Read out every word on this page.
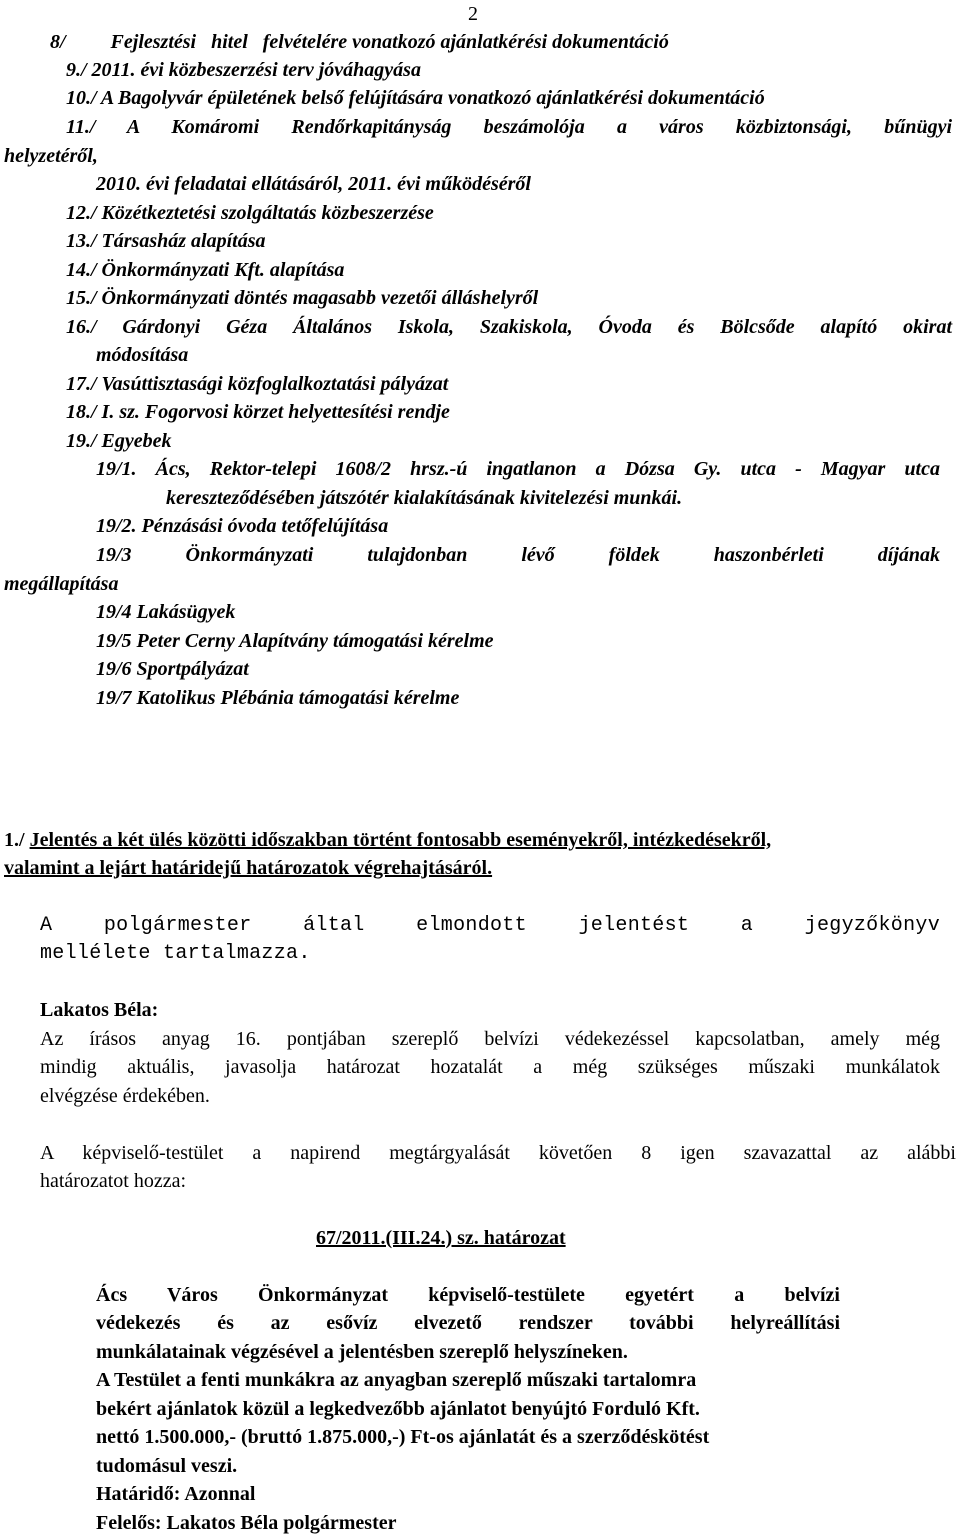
2
8/         Fejlesztési   hitel   felvételére vonatkozó ajánlatkérési dokumentáció
9./ 2011. évi közbeszerzési terv jóváhagyása
10./ A Bagolyvár épületének belső felújítására vonatkozó ajánlatkérési dokumentáció
11./ A Komáromi Rendőrkapitányság beszámolója a város közbiztonsági, bűnügyi
helyzetéről,
2010. évi feladatai ellátásáról, 2011. évi működéséről
12./ Közétkeztetési szolgáltatás közbeszerzése
13./ Társasház alapítása
14./ Önkormányzati Kft. alapítása
15./ Önkormányzati döntés magasabb vezetői álláshelyről
16./ Gárdonyi Géza Általános Iskola, Szakiskola, Óvoda és Bölcsőde alapító okirat
módosítása
17./ Vasúttisztasági közfoglalkoztatási pályázat
18./ I. sz. Fogorvosi körzet helyettesítési rendje
19./ Egyebek
19/1. Ács, Rektor-telepi 1608/2 hrsz.-ú ingatlanon a Dózsa Gy. utca - Magyar utca
kereszteződésében játszótér kialakításának kivitelezési munkái.
19/2. Pénzásási óvoda tetőfelújítása
19/3 Önkormányzati tulajdonban lévő földek haszonbérleti díjának
megállapítása
19/4 Lakásügyek
19/5 Peter Cerny Alapítvány támogatási kérelme
19/6 Sportpályázat
19/7 Katolikus Plébánia támogatási kérelme
1./ Jelentés a két ülés közötti időszakban történt fontosabb eseményekről, intézkedésekről,
valamint a lejárt határidejű határozatok végrehajtásáról.
A polgármester által elmondott jelentést a jegyzőkönyv
mellélete tartalmazza.
Lakatos Béla:
Az írásos anyag 16. pontjában szereplő belvízi védekezéssel kapcsolatban, amely még
mindig aktuális, javasolja határozat hozatalát a még szükséges műszaki munkálatok
elvégzése érdekében.
A képviselő-testület a napirend megtárgyalását követően 8 igen szavazattal az alábbi
határozatot hozza:
67/2011.(III.24.) sz. határozat
Ács Város Önkormányzat képviselő-testülete egyetért a belvízi
védekezés és az esővíz elvezető rendszer további helyreállítási
munkálatainak végzésével a jelentésben szereplő helyszíneken.
A Testület a fenti munkákra az anyagban szereplő műszaki tartalomra
bekért ajánlatok közül a legkedvezőbb ajánlatot benyújtó Forduló Kft.
nettó 1.500.000,- (bruttó 1.875.000,-) Ft-os ajánlatát és a szerződéskötést
tudomásul veszi.
Határidő: Azonnal
Felelős: Lakatos Béla polgármester
